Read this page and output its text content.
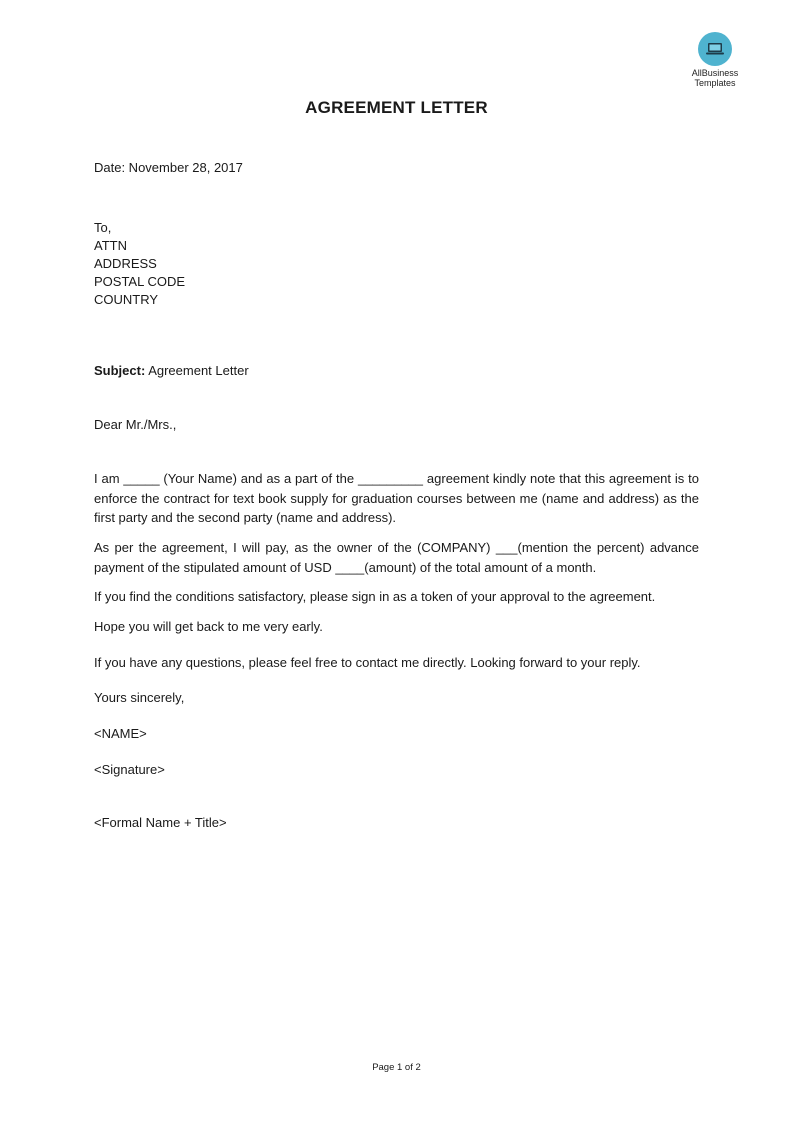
AllBusiness
Templates
AGREEMENT LETTER
Date: November 28, 2017
To,
ATTN
ADDRESS
POSTAL CODE
COUNTRY
Subject: Agreement Letter
Dear Mr./Mrs.,
I am _____ (Your Name) and as a part of the _________ agreement kindly note that this agreement is to enforce the contract for text book supply for graduation courses between me (name and address) as the first party and the second party (name and address).
As per the agreement, I will pay, as the owner of the (COMPANY) ___(mention the percent) advance payment of the stipulated amount of USD ____(amount) of the total amount of a month.
If you find the conditions satisfactory, please sign in as a token of your approval to the agreement.
Hope you will get back to me very early.
If you have any questions, please feel free to contact me directly. Looking forward to your reply.
Yours sincerely,
<NAME>
<Signature>
<Formal Name + Title>
Page 1 of 2
